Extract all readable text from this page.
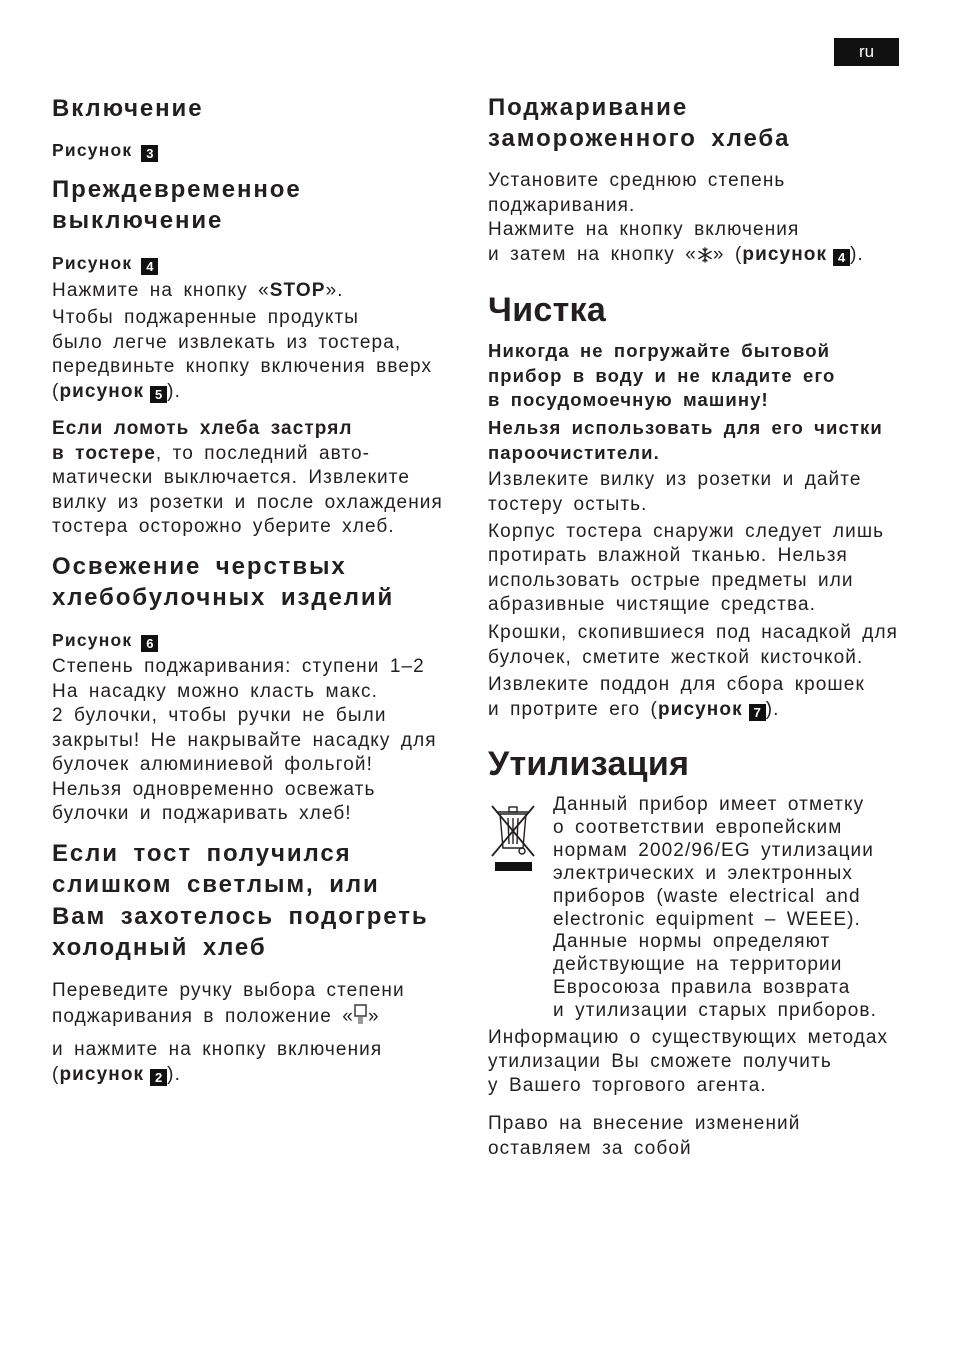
ru
Включение
Рисунок 3
Преждевременное
выключение
Рисунок 4
Нажмите на кнопку «STOP».
Чтобы поджаренные продукты
было легче извлекать из тостера,
передвиньте кнопку включения вверх
(рисунок 5 ).
Если ломоть хлеба застрял
в тостере, то последний авто-
матически выключается. Извлеките
вилку из розетки и после охлаждения
тостера осторожно уберите хлеб.
Освежение черствых
хлебобулочных изделий
Рисунок 6
Степень поджаривания: ступени 1–2
На насадку можно класть макс.
2 булочки, чтобы ручки не были
закрыты! Не накрывайте насадку для
булочек алюминиевой фольгой!
Нельзя одновременно освежать
булочки и поджаривать хлеб!
Если тост получился
слишком светлым, или
Вам захотелось подогреть
холодный хлеб
Переведите ручку выбора степени
поджаривания в положение « »
и нажмите на кнопку включения
(рисунок 2 ).
Поджаривание
замороженного хлеба
Установите среднюю степень
поджаривания.
Нажмите на кнопку включения
и затем на кнопку « » (рисунок 4 ).
Чистка
Никогда не погружайте бытовой
прибор в воду и не кладите его
в посудомоечную машину!
Нельзя использовать для его чистки
пароочистители.
Извлеките вилку из розетки и дайте
тостеру остыть.
Корпус тостера снаружи следует лишь
протирать влажной тканью. Нельзя
использовать острые предметы или
абразивные чистящие средства.
Крошки, скопившиеся под насадкой для
булочек, сметите жесткой кисточкой.
Извлеките поддон для сбора крошек
и протрите его (рисунок 7 ).
Утилизация
Данный прибор имеет отметку
о соответствии европейским
нормам 2002/96/EG утилизации
электрических и электронных
приборов (waste electrical and
electronic equipment – WEEE).
Данные нормы определяют
действующие на территории
Евросоюза правила возврата
и утилизации старых приборов.
Информацию о существующих методах
утилизации Вы сможете получить
у Вашего торгового агента.
Право на внесение изменений
оставляем за собой
